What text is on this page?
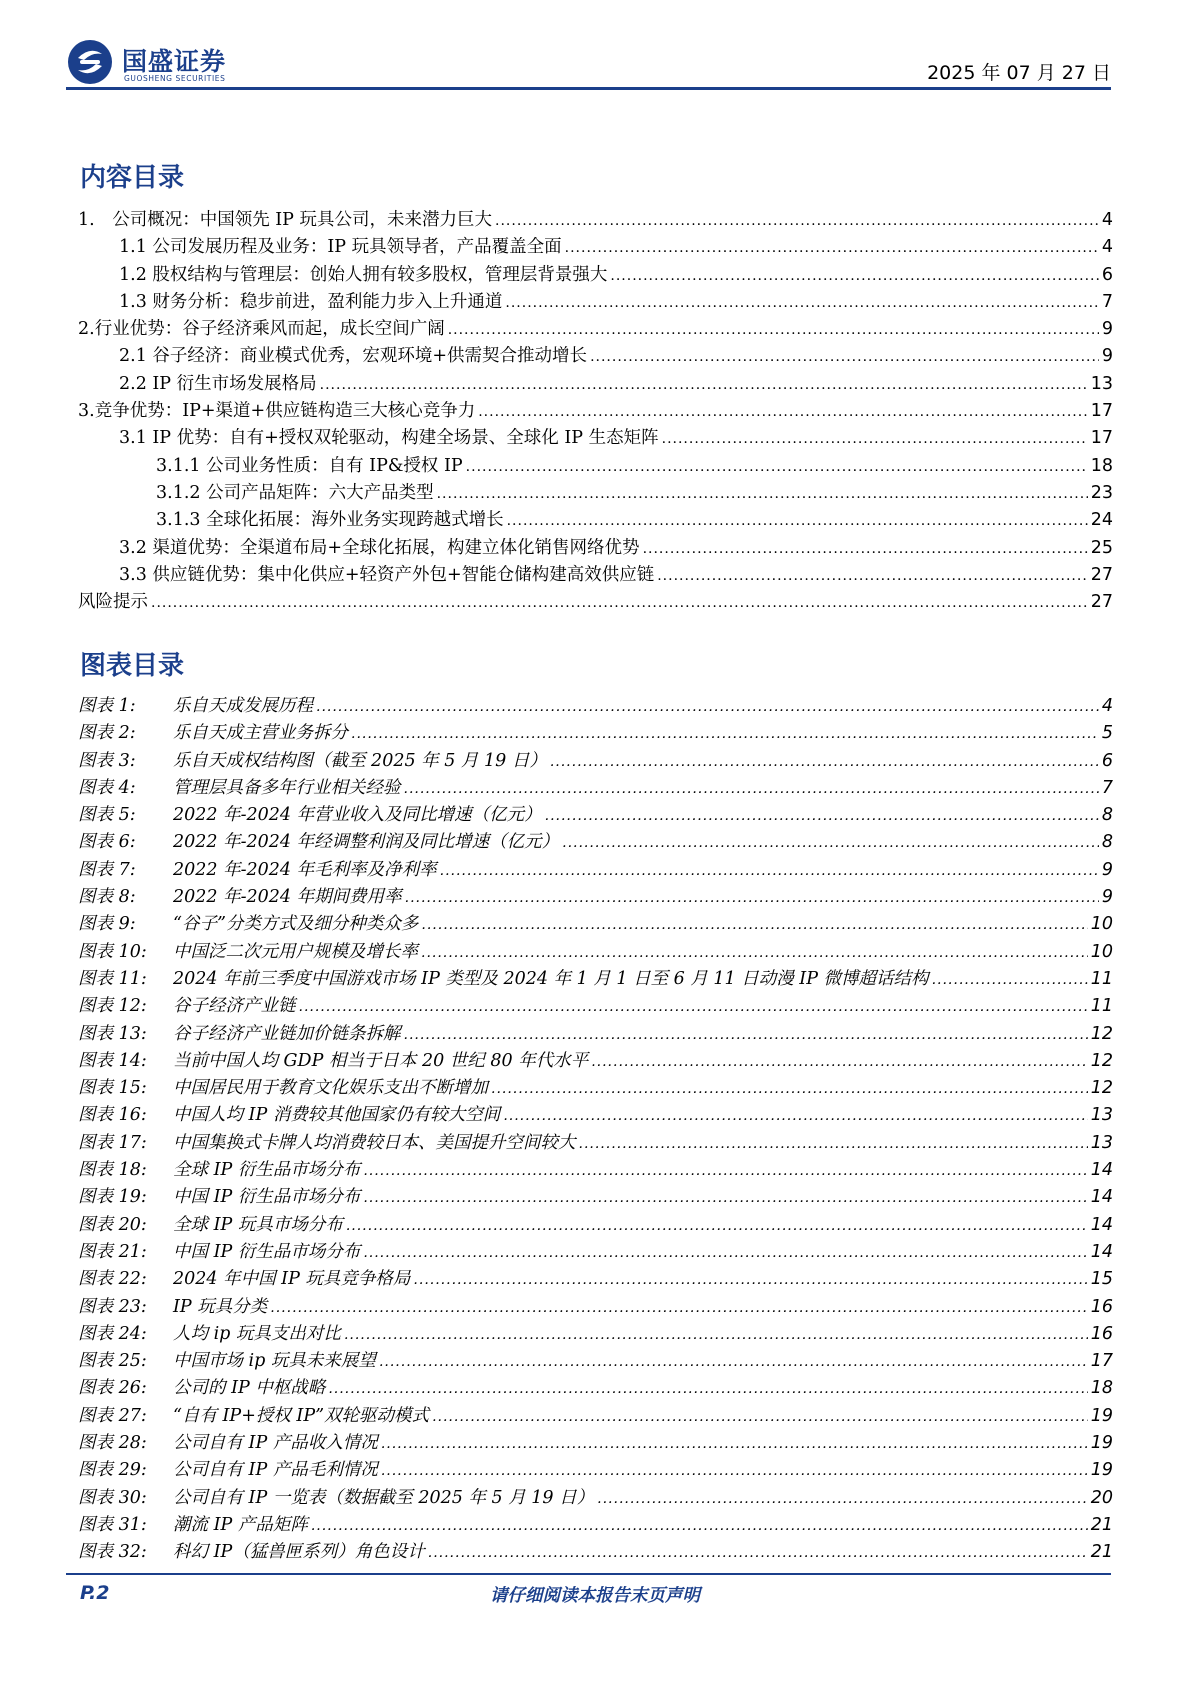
国盛证券
GUOSHENG SECURITIES	2025 年 07 月 27 日
内容目录
1.　公司概况：中国领先 IP 玩具公司，未来潜力巨大 .....	4
1.1 公司发展历程及业务：IP 玩具领导者，产品覆盖全面 .....	4
1.2 股权结构与管理层：创始人拥有较多股权，管理层背景强大 .....	6
1.3 财务分析：稳步前进，盈利能力步入上升通道 .....	7
2.行业优势：谷子经济乘风而起，成长空间广阔 .....	9
2.1 谷子经济：商业模式优秀，宏观环境+供需契合推动增长 .....	9
2.2 IP 衍生市场发展格局 .....	13
3.竞争优势：IP+渠道+供应链构造三大核心竞争力 .....	17
3.1 IP 优势：自有+授权双轮驱动，构建全场景、全球化 IP 生态矩阵 .....	17
3.1.1 公司业务性质：自有 IP&授权 IP .....	18
3.1.2 公司产品矩阵：六大产品类型 .....	23
3.1.3 全球化拓展：海外业务实现跨越式增长 .....	24
3.2 渠道优势：全渠道布局+全球化拓展，构建立体化销售网络优势 .....	25
3.3 供应链优势：集中化供应+轻资产外包+智能仓储构建高效供应链 .....	27
风险提示 .....	27
图表目录
图表 1: 乐自天成发展历程 .....	4
图表 2: 乐自天成主营业务拆分 .....	5
图表 3: 乐自天成权结构图（截至 2025 年 5 月 19 日） .....	6
图表 4: 管理层具备多年行业相关经验 .....	7
图表 5: 2022 年-2024 年营业收入及同比增速（亿元） .....	8
图表 6: 2022 年-2024 年经调整利润及同比增速（亿元） .....	8
图表 7: 2022 年-2024 年毛利率及净利率 .....	9
图表 8: 2022 年-2024 年期间费用率 .....	9
图表 9: “谷子”分类方式及细分种类众多 .....	10
图表 10: 中国泛二次元用户规模及增长率 .....	10
图表 11: 2024 年前三季度中国游戏市场 IP 类型及 2024 年 1 月 1 日至 6 月 11 日动漫 IP 微博超话结构 .....	11
图表 12: 谷子经济产业链 .....	11
图表 13: 谷子经济产业链加价链条拆解 .....	12
图表 14: 当前中国人均 GDP 相当于日本 20 世纪 80 年代水平 .....	12
图表 15: 中国居民用于教育文化娱乐支出不断增加 .....	12
图表 16: 中国人均 IP 消费较其他国家仍有较大空间 .....	13
图表 17: 中国集换式卡牌人均消费较日本、美国提升空间较大 .....	13
图表 18: 全球 IP 衍生品市场分布 .....	14
图表 19: 中国 IP 衍生品市场分布 .....	14
图表 20: 全球 IP 玩具市场分布 .....	14
图表 21: 中国 IP 衍生品市场分布 .....	14
图表 22: 2024 年中国 IP 玩具竞争格局 .....	15
图表 23: IP 玩具分类 .....	16
图表 24: 人均 ip 玩具支出对比 .....	16
图表 25: 中国市场 ip 玩具未来展望 .....	17
图表 26: 公司的 IP 中枢战略 .....	18
图表 27: “自有 IP+授权 IP”双轮驱动模式 .....	19
图表 28: 公司自有 IP 产品收入情况 .....	19
图表 29: 公司自有 IP 产品毛利情况 .....	19
图表 30: 公司自有 IP 一览表（数据截至 2025 年 5 月 19 日） .....	20
图表 31: 潮流 IP 产品矩阵 .....	21
图表 32: 科幻 IP（猛兽匣系列）角色设计 .....	21
P.2	请仔细阅读本报告末页声明
